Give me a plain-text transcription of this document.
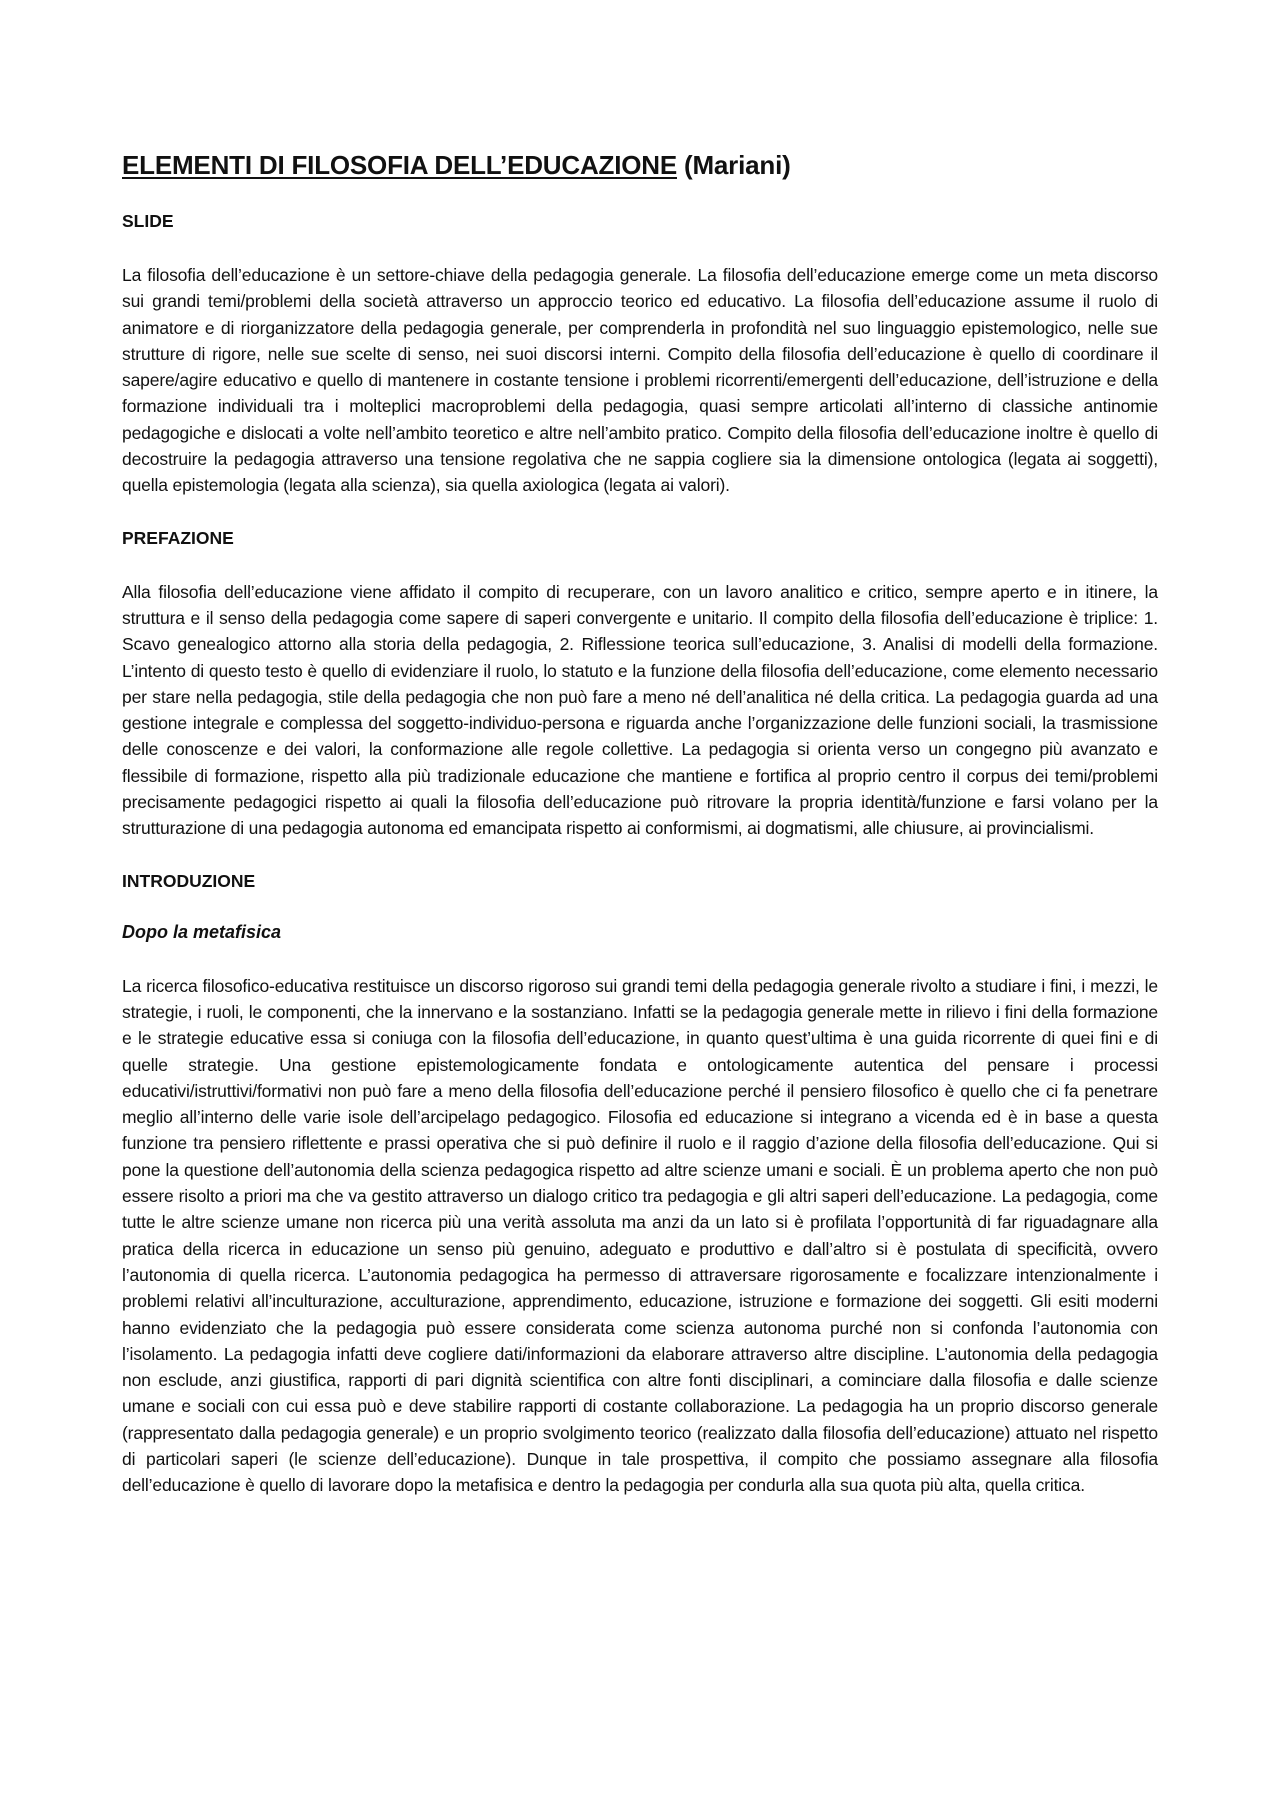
ELEMENTI DI FILOSOFIA DELL’EDUCAZIONE (Mariani)
SLIDE

La filosofia dell’educazione è un settore-chiave della pedagogia generale. La filosofia dell’educazione emerge come un meta discorso sui grandi temi/problemi della società attraverso un approccio teorico ed educativo. La filosofia dell’educazione assume il ruolo di animatore e di riorganizzatore della pedagogia generale, per comprenderla in profondità nel suo linguaggio epistemologico, nelle sue strutture di rigore, nelle sue scelte di senso, nei suoi discorsi interni. Compito della filosofia dell’educazione è quello di coordinare il sapere/agire educativo e quello di mantenere in costante tensione i problemi ricorrenti/emergenti dell’educazione, dell’istruzione e della formazione individuali tra i molteplici macroproblemi della pedagogia, quasi sempre articolati all’interno di classiche antinomie pedagogiche e dislocati a volte nell’ambito teoretico e altre nell’ambito pratico. Compito della filosofia dell’educazione inoltre è quello di decostruire la pedagogia attraverso una tensione regolativa che ne sappia cogliere sia la dimensione ontologica (legata ai soggetti), quella epistemologia (legata alla scienza), sia quella axiologica (legata ai valori).

PREFAZIONE

Alla filosofia dell’educazione viene affidato il compito di recuperare, con un lavoro analitico e critico, sempre aperto e in itinere, la struttura e il senso della pedagogia come sapere di saperi convergente e unitario. Il compito della filosofia dell’educazione è triplice: 1. Scavo genealogico attorno alla storia della pedagogia, 2. Riflessione teorica sull’educazione, 3. Analisi di modelli della formazione. L’intento di questo testo è quello di evidenziare il ruolo, lo statuto e la funzione della filosofia dell’educazione, come elemento necessario per stare nella pedagogia, stile della pedagogia che non può fare a meno né dell’analitica né della critica. La pedagogia guarda ad una gestione integrale e complessa del soggetto-individuo-persona e riguarda anche l’organizzazione delle funzioni sociali, la trasmissione delle conoscenze e dei valori, la conformazione alle regole collettive. La pedagogia si orienta verso un congegno più avanzato e flessibile di formazione, rispetto alla più tradizionale educazione che mantiene e fortifica al proprio centro il corpus dei temi/problemi precisamente pedagogici rispetto ai quali la filosofia dell’educazione può ritrovare la propria identità/funzione e farsi volano per la strutturazione di una pedagogia autonoma ed emancipata rispetto ai conformismi, ai dogmatismi, alle chiusure, ai provincialismi.

INTRODUZIONE
Dopo la metafisica

La ricerca filosofico-educativa restituisce un discorso rigoroso sui grandi temi della pedagogia generale rivolto a studiare i fini, i mezzi, le strategie, i ruoli, le componenti, che la innervano e la sostanziano. Infatti se la pedagogia generale mette in rilievo i fini della formazione e le strategie educative essa si coniuga con la filosofia dell’educazione, in quanto quest’ultima è una guida ricorrente di quei fini e di quelle strategie. Una gestione epistemologicamente fondata e ontologicamente autentica del pensare i processi educativi/istruttivi/formativi non può fare a meno della filosofia dell’educazione perché il pensiero filosofico è quello che ci fa penetrare meglio all’interno delle varie isole dell’arcipelago pedagogico. Filosofia ed educazione si integrano a vicenda ed è in base a questa funzione tra pensiero riflettente e prassi operativa che si può definire il ruolo e il raggio d’azione della filosofia dell’educazione. Qui si pone la questione dell’autonomia della scienza pedagogica rispetto ad altre scienze umani e sociali. È un problema aperto che non può essere risolto a priori ma che va gestito attraverso un dialogo critico tra pedagogia e gli altri saperi dell’educazione. La pedagogia, come tutte le altre scienze umane non ricerca più una verità assoluta ma anzi da un lato si è profilata l’opportunità di far riguadagnare alla pratica della ricerca in educazione un senso più genuino, adeguato e produttivo e dall’altro si è postulata di specificità, ovvero l’autonomia di quella ricerca. L’autonomia pedagogica ha permesso di attraversare rigorosamente e focalizzare intenzionalmente i problemi relativi all’inculturazione, acculturazione, apprendimento, educazione, istruzione e formazione dei soggetti. Gli esiti moderni hanno evidenziato che la pedagogia può essere considerata come scienza autonoma purché non si confonda l’autonomia con l’isolamento. La pedagogia infatti deve cogliere dati/informazioni da elaborare attraverso altre discipline. L’autonomia della pedagogia non esclude, anzi giustifica, rapporti di pari dignità scientifica con altre fonti disciplinari, a cominciare dalla filosofia e dalle scienze umane e sociali con cui essa può e deve stabilire rapporti di costante collaborazione. La pedagogia ha un proprio discorso generale (rappresentato dalla pedagogia generale) e un proprio svolgimento teorico (realizzato dalla filosofia dell’educazione) attuato nel rispetto di particolari saperi (le scienze dell’educazione). Dunque in tale prospettiva, il compito che possiamo assegnare alla filosofia dell’educazione è quello di lavorare dopo la metafisica e dentro la pedagogia per condurla alla sua quota più alta, quella critica.
